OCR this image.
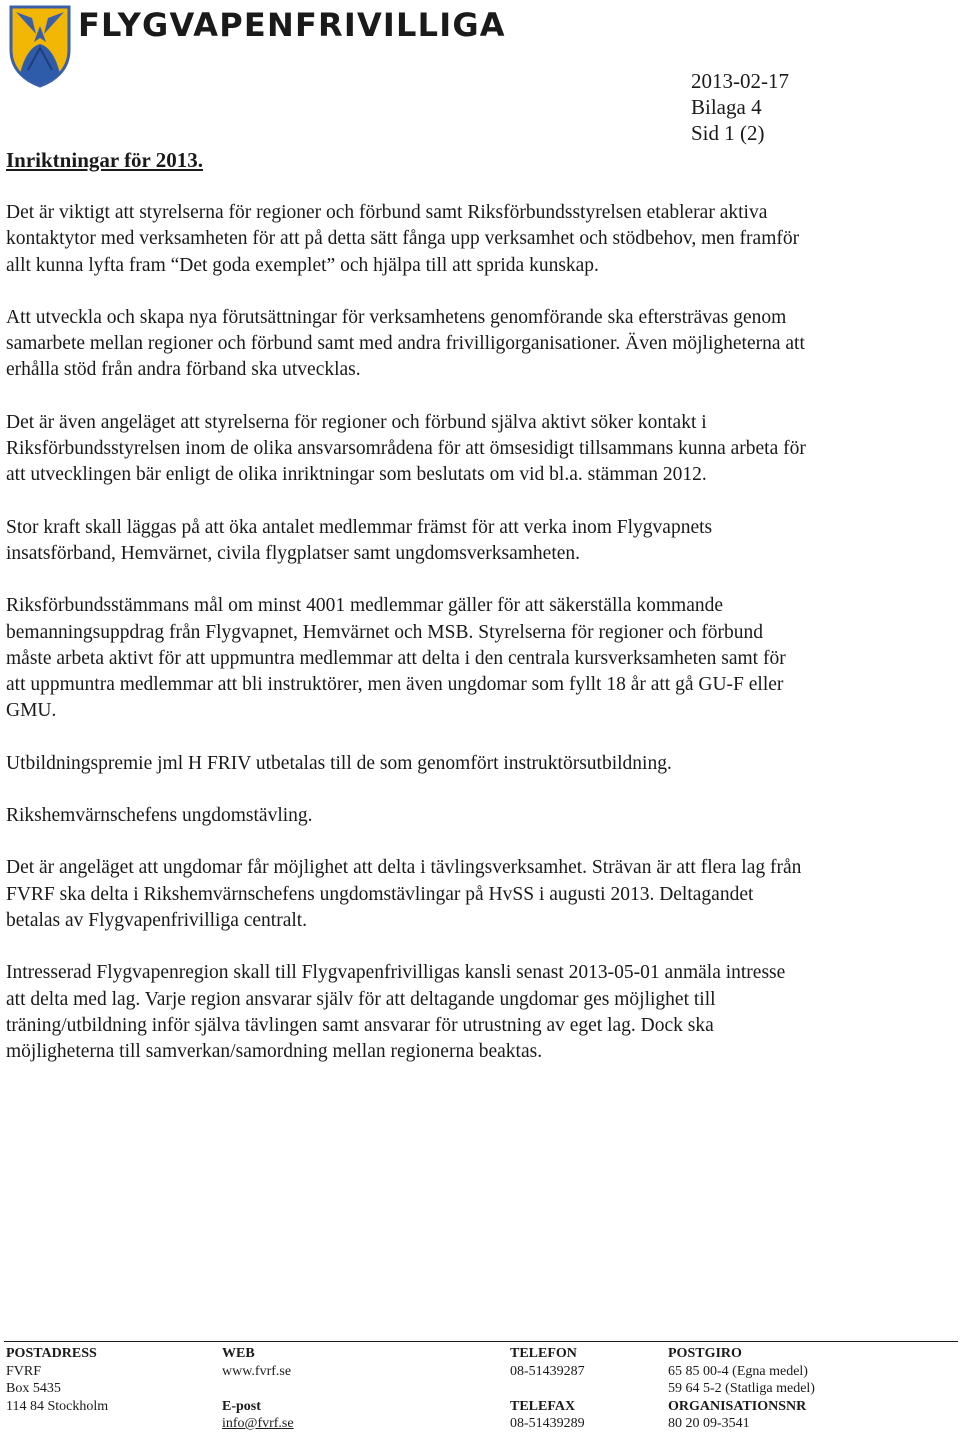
FLYGVAPENFRIVILLIGA
2013-02-17
Bilaga 4
Sid 1 (2)
Inriktningar för 2013.

Det är viktigt att styrelserna för regioner och förbund samt Riksförbundsstyrelsen etablerar aktiva kontaktytor med verksamheten för att på detta sätt fånga upp verksamhet och stödbehov, men framför allt kunna lyfta fram “Det goda exemplet” och hjälpa till att sprida kunskap.

Att utveckla och skapa nya förutsättningar för verksamhetens genomförande ska eftersträvas genom samarbete mellan regioner och förbund samt med andra frivilligorganisationer. Även möjligheterna att erhålla stöd från andra förband ska utvecklas.

Det är även angeläget att styrelserna för regioner och förbund själva aktivt söker kontakt i Riksförbundsstyrelsen inom de olika ansvarsområdena för att ömsesidigt tillsammans kunna arbeta för att utvecklingen bär enligt de olika inriktningar som beslutats om vid bl.a. stämman 2012.

Stor kraft skall läggas på att öka antalet medlemmar främst för att verka inom Flygvapnets insatsförband, Hemvärnet, civila flygplatser samt ungdomsverksamheten.

Riksförbundsstämmans mål om minst 4001 medlemmar gäller för att säkerställa kommande bemanningsuppdrag från Flygvapnet, Hemvärnet och MSB. Styrelserna för regioner och förbund måste arbeta aktivt för att uppmuntra medlemmar att delta i den centrala kursverksamheten samt för att uppmuntra medlemmar att bli instruktörer, men även ungdomar som fyllt 18 år att gå GU-F eller GMU.

Utbildningspremie jml H FRIV utbetalas till de som genomfört instruktörsutbildning.

Rikshemvärnschefens ungdomstävling.

Det är angeläget att ungdomar får möjlighet att delta i tävlingsverksamhet. Strävan är att flera lag från FVRF ska delta i Rikshemvärnschefens ungdomstävlingar på HvSS i augusti 2013. Deltagandet betalas av Flygvapenfrivilliga centralt.

Intresserad Flygvapenregion skall till Flygvapenfrivilligas kansli senast 2013-05-01 anmäla intresse att delta med lag. Varje region ansvarar själv för att deltagande ungdomar ges möjlighet till träning/utbildning inför själva tävlingen samt ansvarar för utrustning av eget lag. Dock ska möjligheterna till samverkan/samordning mellan regionerna beaktas.

POSTADRESS
FVRF
Box 5435
114 84 Stockholm
WEB
www.fvrf.se
E-post
info@fvrf.se
TELEFON
08-51439287
TELEFAX
08-51439289
POSTGIRO
65 85 00-4 (Egna medel)
59 64 5-2 (Statliga medel)
ORGANISATIONSNR
80 20 09-3541
